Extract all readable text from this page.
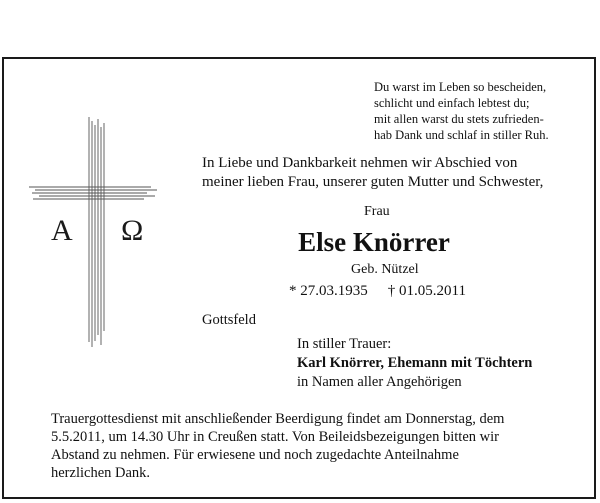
Du warst im Leben so bescheiden,
schlicht und einfach lebtest du;
mit allen warst du stets zufrieden-
hab Dank und schlaf in stiller Ruh.
A Ω
In Liebe und Dankbarkeit nehmen wir Abschied von
meiner lieben Frau, unserer guten Mutter und Schwester,
Frau
Else Knörrer
Geb. Nützel
* 27.03.1935 † 01.05.2011
Gottsfeld
In stiller Trauer:
Karl Knörrer, Ehemann mit Töchtern
in Namen aller Angehörigen
Trauergottesdienst mit anschließender Beerdigung findet am Donnerstag, dem
5.5.2011, um 14.30 Uhr in Creußen statt. Von Beileidsbezeigungen bitten wir
Abstand zu nehmen. Für erwiesene und noch zugedachte Anteilnahme
herzlichen Dank.
